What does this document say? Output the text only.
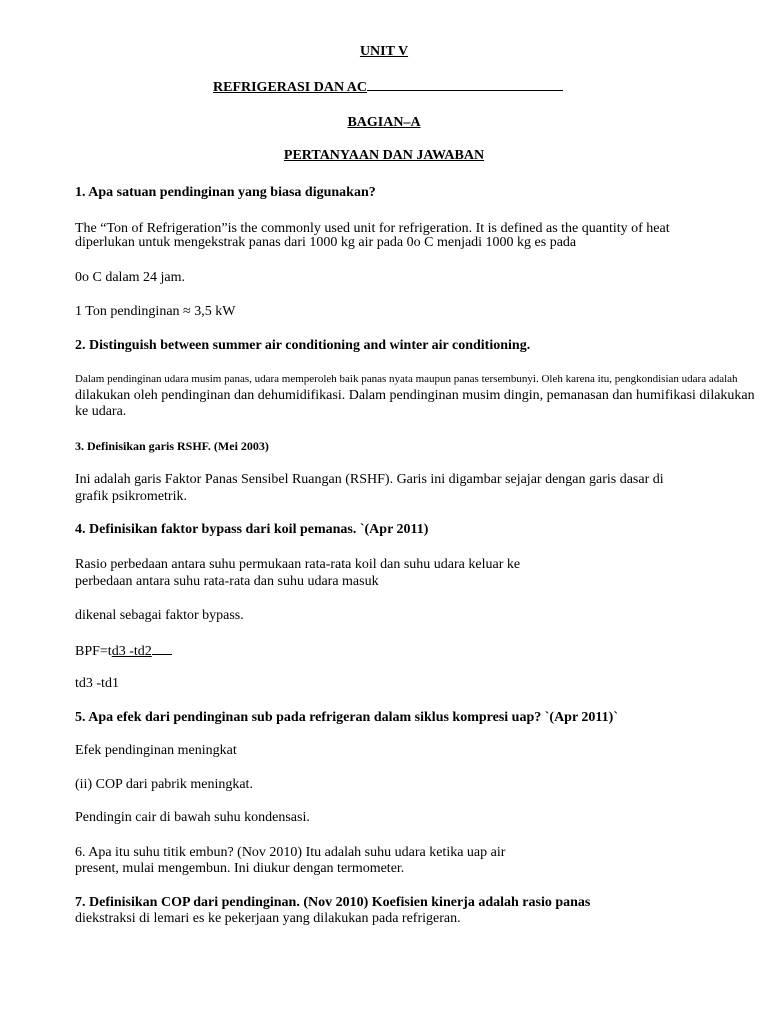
UNIT V
REFRIGERASI DAN AC
BAGIAN–A
PERTANYAAN DAN JAWABAN
1. Apa satuan pendinginan yang biasa digunakan?
The “Ton of Refrigeration”is the commonly used unit for refrigeration. It is defined as the quantity of heat
diperlukan untuk mengekstrak panas dari 1000 kg air pada 0o C menjadi 1000 kg es pada
0o C dalam 24 jam.
1 Ton pendinginan ≈ 3,5 kW
2. Distinguish between summer air conditioning and winter air conditioning.
Dalam pendinginan udara musim panas, udara memperoleh baik panas nyata maupun panas tersembunyi. Oleh karena itu, pengkondisian udara adalah
dilakukan oleh pendinginan dan dehumidifikasi. Dalam pendinginan musim dingin, pemanasan dan humifikasi dilakukan
ke udara.
3. Definisikan garis RSHF. (Mei 2003)
Ini adalah garis Faktor Panas Sensibel Ruangan (RSHF). Garis ini digambar sejajar dengan garis dasar di
grafik psikrometrik.
4. Definisikan faktor bypass dari koil pemanas. `(Apr 2011)
Rasio perbedaan antara suhu permukaan rata-rata koil dan suhu udara keluar ke
perbedaan antara suhu rata-rata dan suhu udara masuk
dikenal sebagai faktor bypass.
BPF=td3 -td2
td3 -td1
5. Apa efek dari pendinginan sub pada refrigeran dalam siklus kompresi uap? `(Apr 2011)`
Efek pendinginan meningkat
(ii) COP dari pabrik meningkat.
Pendingin cair di bawah suhu kondensasi.
6. Apa itu suhu titik embun? (Nov 2010) Itu adalah suhu udara ketika uap air
present, mulai mengembun. Ini diukur dengan termometer.
7. Definisikan COP dari pendinginan. (Nov 2010) Koefisien kinerja adalah rasio panas
diekstraksi di lemari es ke pekerjaan yang dilakukan pada refrigeran.
